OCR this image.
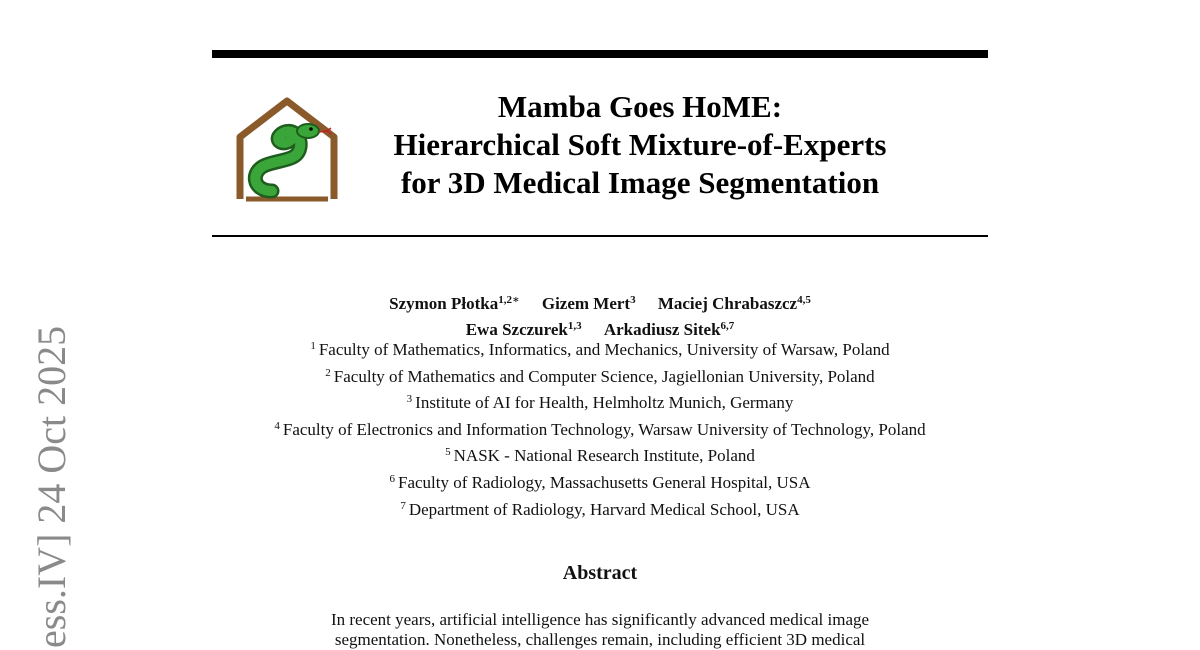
Mamba Goes HoME:
Hierarchical Soft Mixture-of-Experts
for 3D Medical Image Segmentation
Szymon Płotka$^{1,2∗}$ Gizem Mert$^3$ Maciej Chrabaszcz$^{4,5}$
Ewa Szczurek$^{1,3}$ Arkadiusz Sitek$^{6,7}$
$^1$ Faculty of Mathematics, Informatics, and Mechanics, University of Warsaw, Poland
$^2$ Faculty of Mathematics and Computer Science, Jagiellonian University, Poland
$^3$ Institute of AI for Health, Helmholtz Munich, Germany
$^4$ Faculty of Electronics and Information Technology, Warsaw University of Technology, Poland
$^5$ NASK - National Research Institute, Poland
$^6$ Faculty of Radiology, Massachusetts General Hospital, USA
$^7$ Department of Radiology, Harvard Medical School, USA
Abstract
In recent years, artificial intelligence has significantly advanced medical image
segmentation. Nonetheless, challenges remain, including efficient 3D medical
ess.IV] 24 Oct 2025
